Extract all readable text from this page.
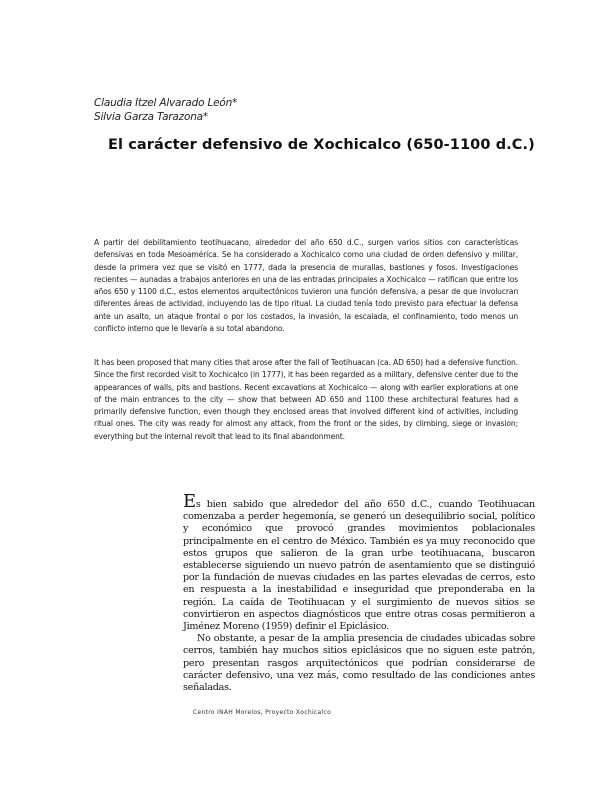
Claudia Itzel Alvarado León*
Silvia Garza Tarazona*
El carácter defensivo de Xochicalco (650-1100 d.C.)

A partir del debilitamiento teotihuacano, alrededor del año 650 d.C., surgen varios sitios con características defensivas en toda Mesoamérica. Se ha considerado a Xochicalco como una ciudad de orden defensivo y militar, desde la primera vez que se visitó en 1777, dada la presencia de murallas, bastiones y fosos. Investigaciones recientes — aunadas a trabajos anteriores en una de las entradas principales a Xochicalco — ratifican que entre los años 650 y 1100 d.C., estos elementos arquitectónicos tuvieron una función defensiva, a pesar de que involucran diferentes áreas de actividad, incluyendo las de tipo ritual. La ciudad tenía todo previsto para efectuar la defensa ante un asalto, un ataque frontal o por los costados, la invasión, la escalada, el confinamiento, todo menos un conflicto interno que le llevaría a su total abandono.

It has been proposed that many cities that arose after the fall of Teotihuacan (ca. AD 650) had a defensive function. Since the first recorded visit to Xochicalco (in 1777), it has been regarded as a military, defensive center due to the appearances of walls, pits and bastions. Recent excavations at Xochicalco — along with earlier explorations at one of the main entrances to the city — show that between AD 650 and 1100 these architectural features had a primarily defensive function, even though they enclosed areas that involved different kind of activities, including ritual ones. The city was ready for almost any attack, from the front or the sides, by climbing, siege or invasion; everything but the internal revolt that lead to its final abandonment.

Es bien sabido que alrededor del año 650 d.C., cuando Teotihuacan comenzaba a perder hegemonía, se generó un desequilibrio social, político y económico que provocó grandes movimientos poblacionales principalmente en el centro de México. También es ya muy reconocido que estos grupos que salieron de la gran urbe teotihuacana, buscaron establecerse siguiendo un nuevo patrón de asentamiento que se distinguió por la fundación de nuevas ciudades en las partes elevadas de cerros, esto en respuesta a la inestabilidad e inseguridad que preponderaba en la región. La caída de Teotihuacan y el surgimiento de nuevos sitios se convirtieron en aspectos diagnósticos que entre otras cosas permitieron a Jiménez Moreno (1959) definir el Epiclásico.

No obstante, a pesar de la amplia presencia de ciudades ubicadas sobre cerros, también hay muchos sitios epiclásicos que no siguen este patrón, pero presentan rasgos arquitectónicos que podrían considerarse de carácter defensivo, una vez más, como resultado de las condiciones antes señaladas.

Centro INAH Morelos, Proyecto Xochicalco
